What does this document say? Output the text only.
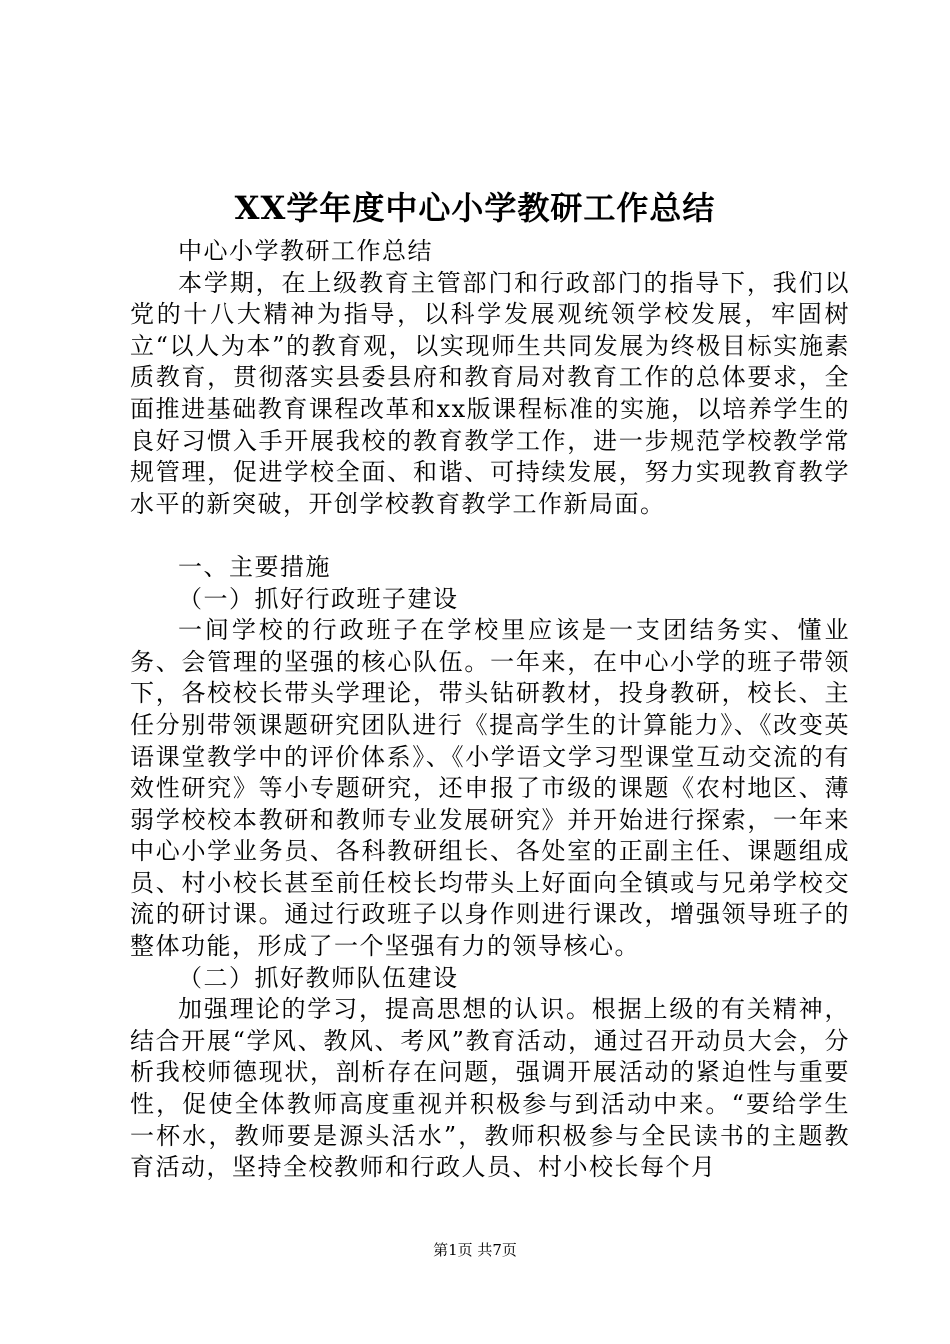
XX学年度中心小学教研工作总结

中心小学教研工作总结

本学期，在上级教育主管部门和行政部门的指导下，我们以党的十八大精神为指导，以科学发展观统领学校发展，牢固树立“以人为本”的教育观，以实现师生共同发展为终极目标实施素质教育，贯彻落实县委县府和教育局对教育工作的总体要求，全面推进基础教育课程改革和xx版课程标准的实施，以培养学生的良好习惯入手开展我校的教育教学工作，进一步规范学校教学常规管理，促进学校全面、和谐、可持续发展，努力实现教育教学水平的新突破，开创学校教育教学工作新局面。

一、主要措施

（一）抓好行政班子建设

一间学校的行政班子在学校里应该是一支团结务实、懂业务、会管理的坚强的核心队伍。一年来，在中心小学的班子带领下，各校校长带头学理论，带头钻研教材，投身教研，校长、主任分别带领课题研究团队进行《提高学生的计算能力》、《改变英语课堂教学中的评价体系》、《小学语文学习型课堂互动交流的有效性研究》等小专题研究，还申报了市级的课题《农村地区、薄弱学校校本教研和教师专业发展研究》并开始进行探索，一年来中心小学业务员、各科教研组长、各处室的正副主任、课题组成员、村小校长甚至前任校长均带头上好面向全镇或与兄弟学校交流的研讨课。通过行政班子以身作则进行课改，增强领导班子的整体功能，形成了一个坚强有力的领导核心。

（二）抓好教师队伍建设

加强理论的学习，提高思想的认识。根据上级的有关精神，结合开展“学风、教风、考风”教育活动，通过召开动员大会，分析我校师德现状，剖析存在问题，强调开展活动的紧迫性与重要性，促使全体教师高度重视并积极参与到活动中来。“要给学生一杯水，教师要是源头活水”，教师积极参与全民读书的主题教育活动，坚持全校教师和行政人员、村小校长每个月

第1页 共7页
